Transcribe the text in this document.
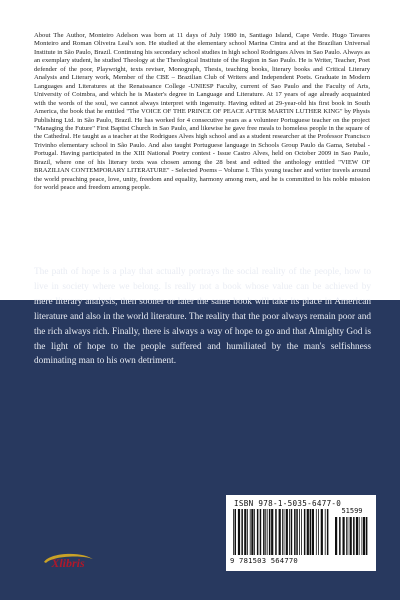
About The Author, Monteiro Adelson was born at 11 days of July 1980 in, Santiago Island, Cape Verde. Hugo Tavares Monteiro and Roman Oliveira Leal's son. He studied at the elementary school Marina Cintra and at the Brazilian Universal Institute in São Paulo, Brazil. Continuing his secondary school studies in high school Rodrigues Alves in Sao Paulo. Always as an exemplary student, he studied Theology at the Theological Institute of the Region in Sao Paulo. He is Writer, Teacher, Poet defender of the poor, Playwright, texts reviser, Monograph, Thesis, teaching books, literary books and Critical Literary Analysis and Literary work, Member of the CBE – Brazilian Club of Writers and Independent Poets. Graduate in Modern Languages and Literatures at the Renaissance College -UNIESP Faculty, current of Sao Paulo and the Faculty of Arts, University of Coimbra, and which he is Master's degree in Language and Literature. At 17 years of age already acquainted with the words of the soul, we cannot always interpret with ingenuity. Having edited at 29-year-old his first book in South America, the book that he entitled "The VOICE OF THE PRINCE OF PEACE AFTER MARTIN LUTHER KING" by Physis Publishing Ltd. in São Paulo, Brazil. He has worked for 4 consecutive years as a volunteer Portuguese teacher on the project "Managing the Future" First Baptist Church in Sao Paulo, and likewise he gave free meals to homeless people in the square of the Cathedral. He taught as a teacher at the Rodrigues Alves high school and as a student researcher at the Professor Francisco Trivinho elementary school in São Paulo. And also taught Portuguese language in Schools Group Paulo da Gama, Setubal - Portugal. Having participated in the XIII National Poetry contest - Issue Castro Alves, held on October 2009 in Sao Paulo, Brazil, where one of his literary texts was chosen among the 28 best and edited the anthology entitled "VIEW OF BRAZILIAN CONTEMPORARY LITERATURE" - Selected Poems – Volume I. This young teacher and writer travels around the world preaching peace, love, unity, freedom and equality, harmony among men, and he is committed to his noble mission for world peace and freedom among people.

The path of hope is a play that actually portrays the social reality of the people, how to live in society where we belong. Is really not a book whose value can be achieved by mere literary analysis, then sooner or later the same book will take its place in American literature and also in the world literature. The reality that the poor always remain poor and the rich always rich. Finally, there is always a way of hope to go and that Almighty God is the light of hope to the people suffered and humiliated by the man's selfishness dominating man to his own detriment.

Xlibris
ISBN 978-1-5035-6477-0
51599
9 781503 564770
